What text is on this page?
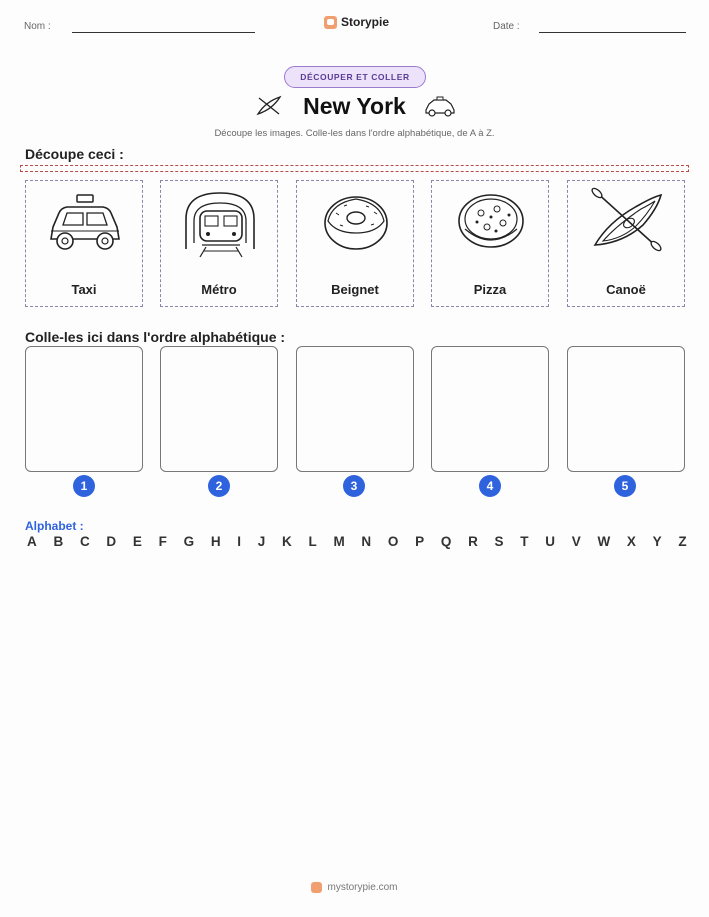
Nom :	Storypie	Date :
DÉCOUPER ET COLLER
New York
Découpe les images. Colle-les dans l'ordre alphabétique, de A à Z.
Découpe ceci :
Taxi	Métro	Beignet	Pizza	Canoë
Colle-les ici dans l'ordre alphabétique :
1	2	3	4	5
Alphabet :
A B C D E F G H I J K L M N O P Q R S T U V W X Y Z
mystorypie.com
